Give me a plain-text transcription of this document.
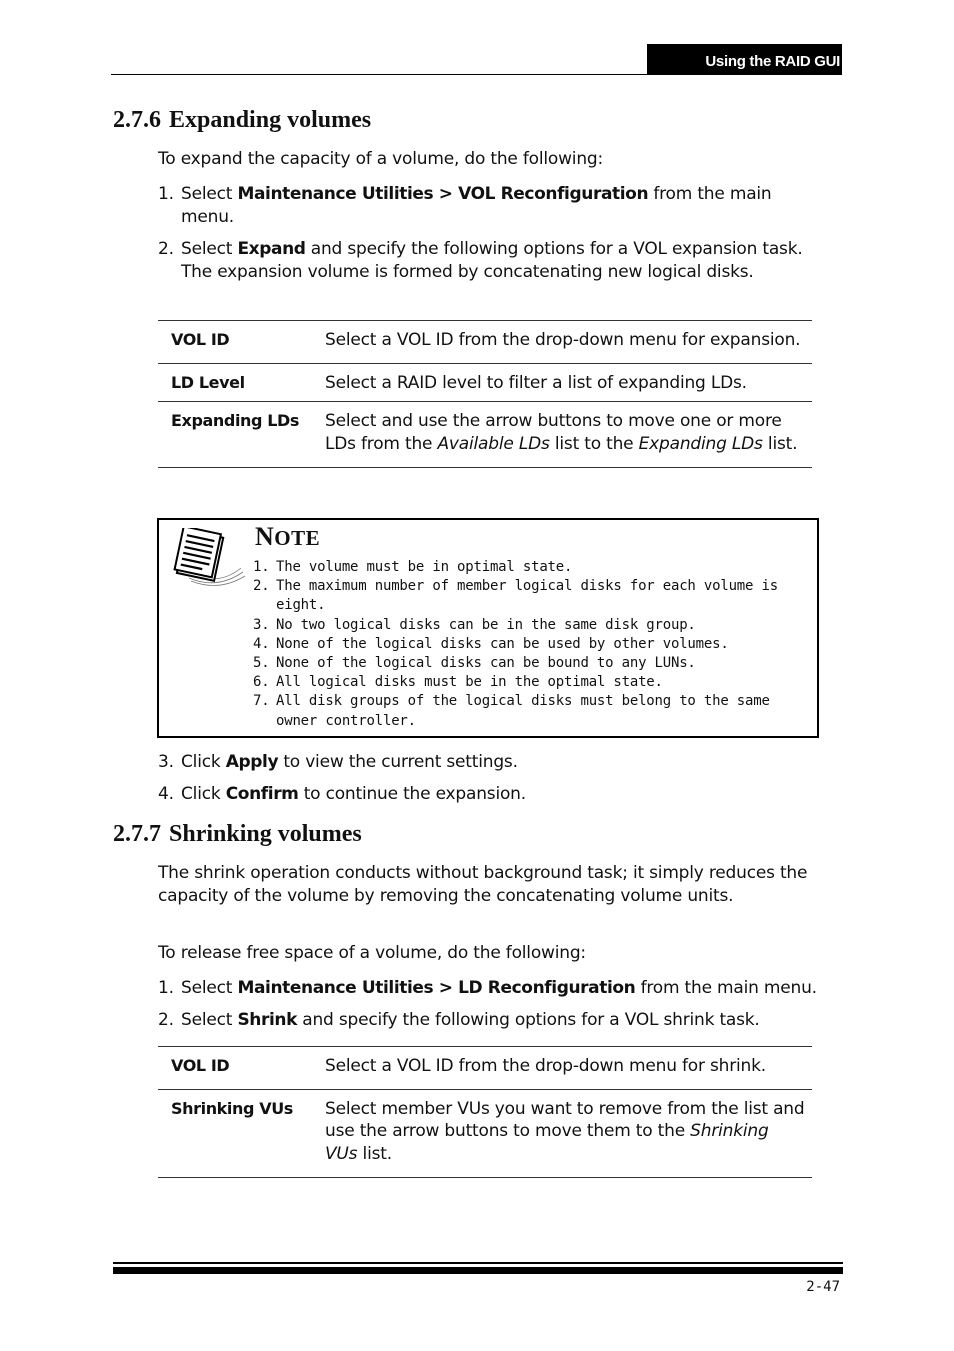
Using the RAID GUI
2.7.6 Expanding volumes

To expand the capacity of a volume, do the following:

1. Select Maintenance Utilities > VOL Reconfiguration from the main menu.

2. Select Expand and specify the following options for a VOL expansion task. The expansion volume is formed by concatenating new logical disks.

VOL ID	Select a VOL ID from the drop-down menu for expansion.
LD Level	Select a RAID level to filter a list of expanding LDs.
Expanding LDs	Select and use the arrow buttons to move one or more LDs from the Available LDs list to the Expanding LDs list.
NOTE
1. The volume must be in optimal state.
2. The maximum number of member logical disks for each volume is eight.
3. No two logical disks can be in the same disk group.
4. None of the logical disks can be used by other volumes.
5. None of the logical disks can be bound to any LUNs.
6. All logical disks must be in the optimal state.
7. All disk groups of the logical disks must belong to the same owner controller.

3. Click Apply to view the current settings.

4. Click Confirm to continue the expansion.

2.7.7 Shrinking volumes

The shrink operation conducts without background task; it simply reduces the capacity of the volume by removing the concatenating volume units.

To release free space of a volume, do the following:

1. Select Maintenance Utilities > LD Reconfiguration from the main menu.

2. Select Shrink and specify the following options for a VOL shrink task.

VOL ID	Select a VOL ID from the drop-down menu for shrink.
Shrinking VUs	Select member VUs you want to remove from the list and use the arrow buttons to move them to the Shrinking VUs list.
2-47
